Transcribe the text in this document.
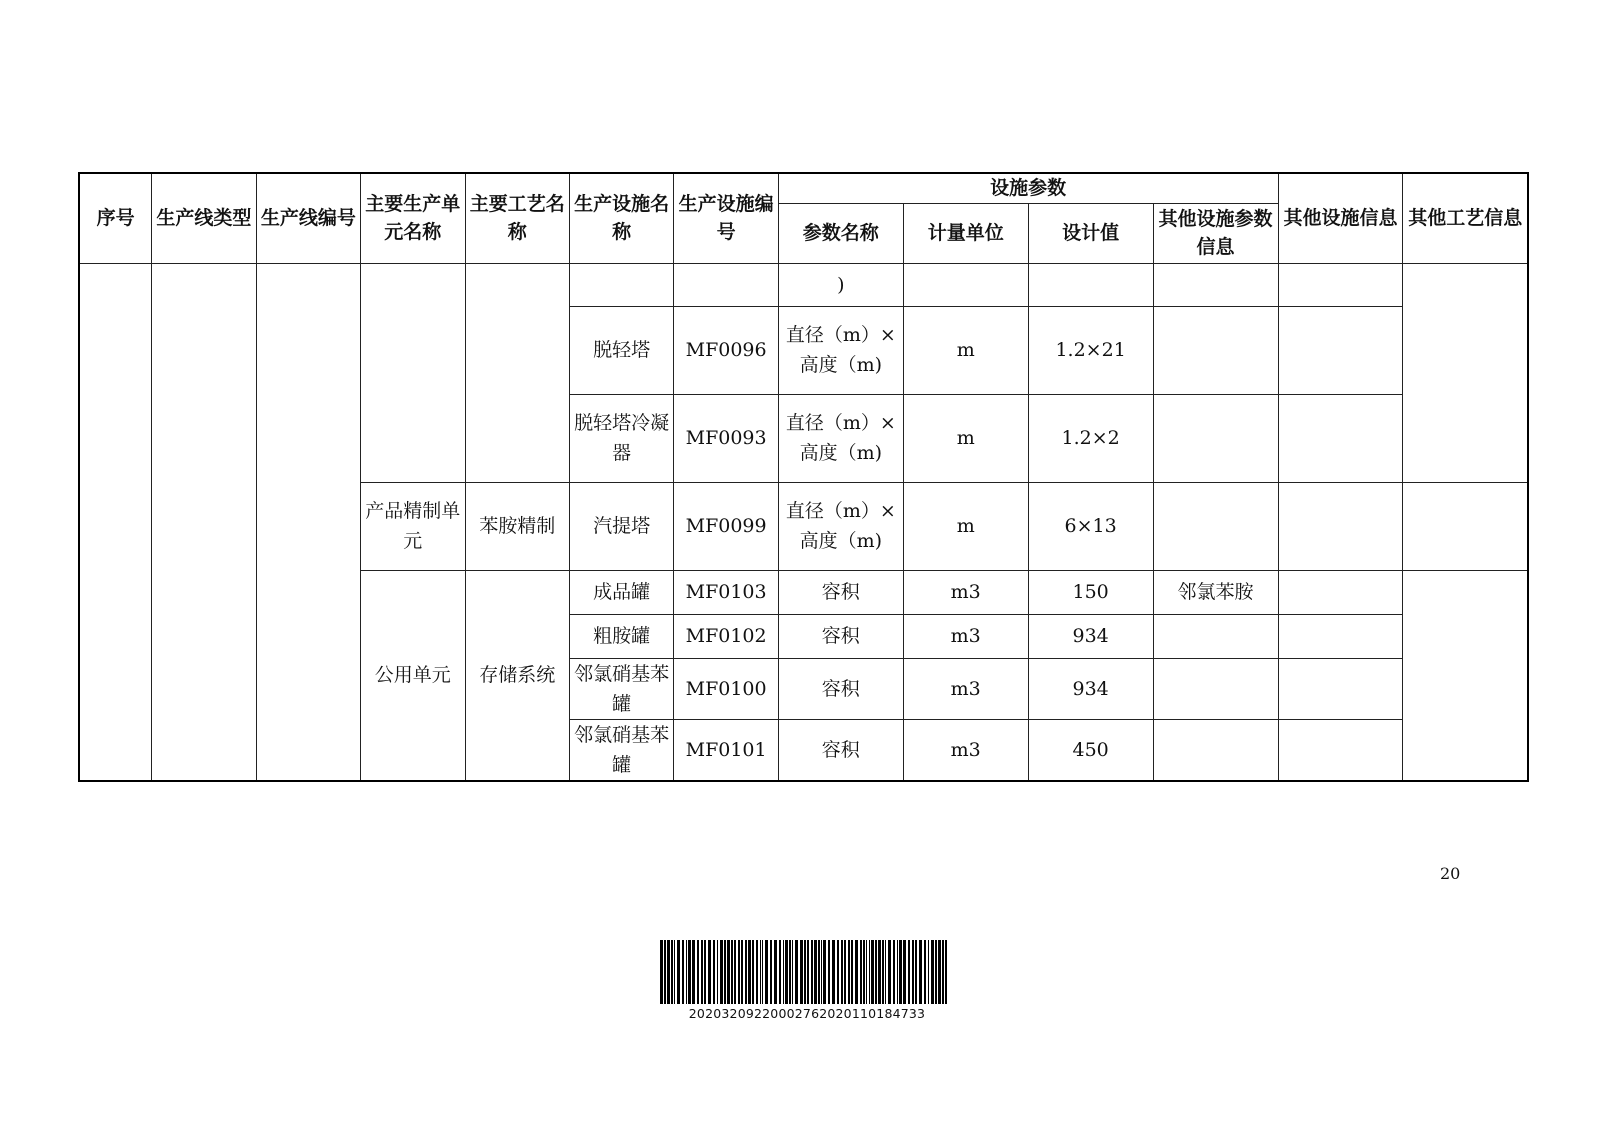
序号	生产线类型	生产线编号	主要生产单元名称	主要工艺名称	生产设施名称	生产设施编号	设施参数				其他设施信息	其他工艺信息
							参数名称	计量单位	设计值	其他设施参数信息		
							)					
					脱轻塔	MF0096	直径（m）×高度（m)	m	1.2×21			
					脱轻塔冷凝器	MF0093	直径（m）×高度（m)	m	1.2×2			
			产品精制单元	苯胺精制	汽提塔	MF0099	直径（m）×高度（m)	m	6×13			
			公用单元	存储系统	成品罐	MF0103	容积	m3	150	邻氯苯胺		
					粗胺罐	MF0102	容积	m3	934			
					邻氯硝基苯罐	MF0100	容积	m3	934			
					邻氯硝基苯罐	MF0101	容积	m3	450			
20
20203209220002762020110184733
